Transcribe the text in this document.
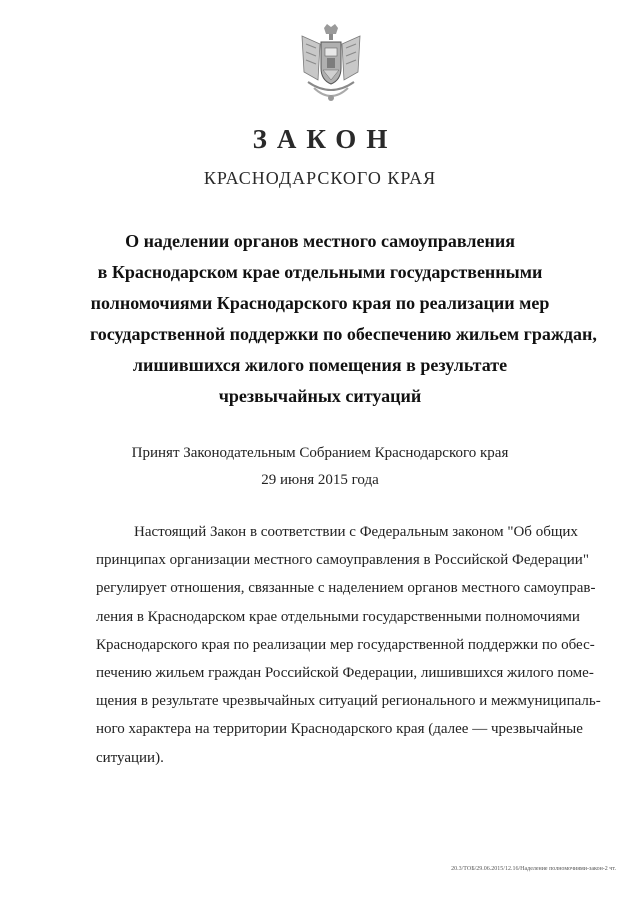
ЗАКОН
КРАСНОДАРСКОГО КРАЯ
О наделении органов местного самоуправления
в Краснодарском крае отдельными государственными
полномочиями Краснодарского края по реализации мер
государственной поддержки по обеспечению жильем граждан,
лишившихся жилого помещения в результате
чрезвычайных ситуаций
Принят Законодательным Собранием Краснодарского края
29 июня 2015 года
Настоящий Закон в соответствии с Федеральным законом "Об общих
принципах организации местного самоуправления в Российской Федерации"
регулирует отношения, связанные с наделением органов местного самоупрaв-
ления в Краснодарском крае отдельными государственными полномочиями
Краснодарского края по реализации мер государственной поддержки по обес-
печению жильем граждан Российской Федерации, лишившихся жилого поме-
щения в результате чрезвычайных ситуаций регионального и межмуниципаль-
ного характера на территории Краснодарского края (далее — чрезвычайные
ситуации).
20.3/ТОБ/29.06.2015/12.16/Наделение полномочиями-закон-2 чт.
